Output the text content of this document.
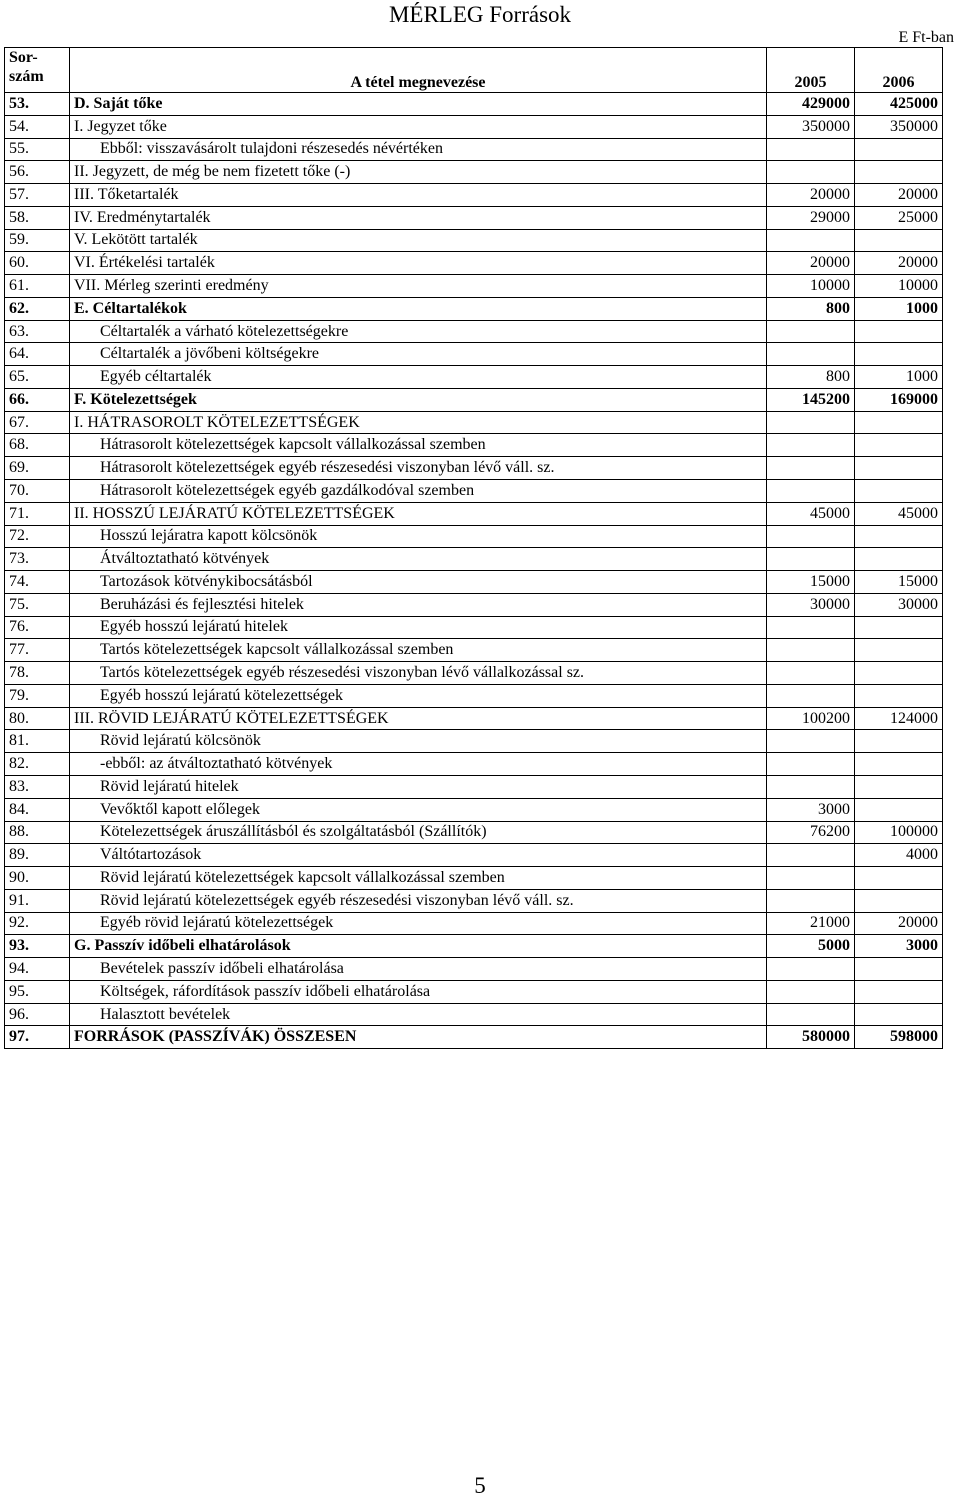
MÉRLEG Források
E Ft-ban
Sor-
szám	A tétel megnevezése	2005	2006
53.	D. Saját tőke	429000	425000
54.	I. Jegyzet tőke	350000	350000
55.	Ebből: visszavásárolt tulajdoni részesedés névértéken		
56.	II. Jegyzett, de még be nem fizetett tőke (-)		
57.	III. Tőketartalék	20000	20000
58.	IV. Eredménytartalék	29000	25000
59.	V. Lekötött tartalék		
60.	VI. Értékelési tartalék	20000	20000
61.	VII. Mérleg szerinti eredmény	10000	10000
62.	E. Céltartalékok	800	1000
63.	Céltartalék a várható kötelezettségekre		
64.	Céltartalék a jövőbeni költségekre		
65.	Egyéb céltartalék	800	1000
66.	F. Kötelezettségek	145200	169000
67.	I. HÁTRASOROLT KÖTELEZETTSÉGEK		
68.	Hátrasorolt kötelezettségek kapcsolt vállalkozással szemben		
69.	Hátrasorolt kötelezettségek egyéb részesedési viszonyban lévő váll. sz.		
70.	Hátrasorolt kötelezettségek egyéb gazdálkodóval szemben		
71.	II. HOSSZÚ LEJÁRATÚ KÖTELEZETTSÉGEK	45000	45000
72.	Hosszú lejáratra kapott kölcsönök		
73.	Átváltoztatható kötvények		
74.	Tartozások kötvénykibocsátásból	15000	15000
75.	Beruházási és fejlesztési hitelek	30000	30000
76.	Egyéb hosszú lejáratú hitelek		
77.	Tartós kötelezettségek kapcsolt vállalkozással szemben		
78.	Tartós kötelezettségek egyéb részesedési viszonyban lévő vállalkozással sz.		
79.	Egyéb hosszú lejáratú kötelezettségek		
80.	III. RÖVID LEJÁRATÚ KÖTELEZETTSÉGEK	100200	124000
81.	Rövid lejáratú kölcsönök		
82.	-ebből: az átváltoztatható kötvények		
83.	Rövid lejáratú hitelek		
84.	Vevőktől kapott előlegek	3000	
88.	Kötelezettségek áruszállításból és szolgáltatásból (Szállítók)	76200	100000
89.	Váltótartozások		4000
90.	Rövid lejáratú kötelezettségek kapcsolt vállalkozással szemben		
91.	Rövid lejáratú kötelezettségek egyéb részesedési viszonyban lévő váll. sz.		
92.	Egyéb rövid lejáratú kötelezettségek	21000	20000
93.	G. Passzív időbeli elhatárolások	5000	3000
94.	Bevételek passzív időbeli elhatárolása		
95.	Költségek, ráfordítások passzív időbeli elhatárolása		
96.	Halasztott bevételek		
97.	FORRÁSOK (PASSZÍVÁK) ÖSSZESEN	580000	598000
5
